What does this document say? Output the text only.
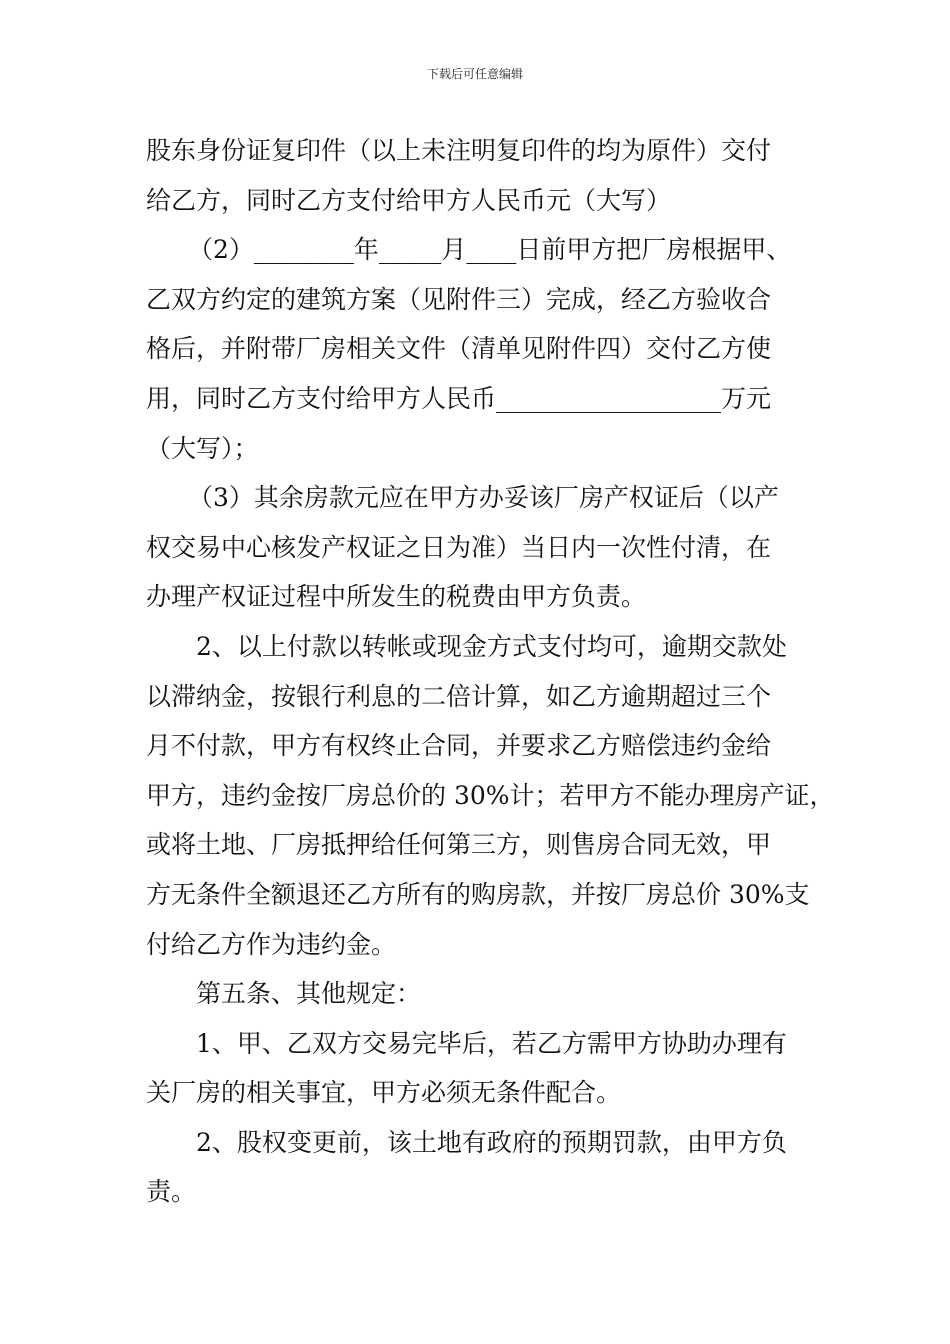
下载后可任意编辑
股东身份证复印件（以上未注明复印件的均为原件）交付
给乙方，同时乙方支付给甲方人民币元（大写）
（2）________年_____月____日前甲方把厂房根据甲、
乙双方约定的建筑方案（见附件三）完成，经乙方验收合
格后，并附带厂房相关文件（清单见附件四）交付乙方使
用，同时乙方支付给甲方人民币__________________万元
（大写）；
（3）其余房款元应在甲方办妥该厂房产权证后（以产
权交易中心核发产权证之日为准）当日内一次性付清，在
办理产权证过程中所发生的税费由甲方负责。
2、以上付款以转帐或现金方式支付均可，逾期交款处
以滞纳金，按银行利息的二倍计算，如乙方逾期超过三个
月不付款，甲方有权终止合同，并要求乙方赔偿违约金给
甲方，违约金按厂房总价的 30%计；若甲方不能办理房产证，
或将土地、厂房抵押给任何第三方，则售房合同无效，甲
方无条件全额退还乙方所有的购房款，并按厂房总价 30%支
付给乙方作为违约金。
第五条、其他规定：
1、甲、乙双方交易完毕后，若乙方需甲方协助办理有
关厂房的相关事宜，甲方必须无条件配合。
2、股权变更前，该土地有政府的预期罚款，由甲方负
责。
